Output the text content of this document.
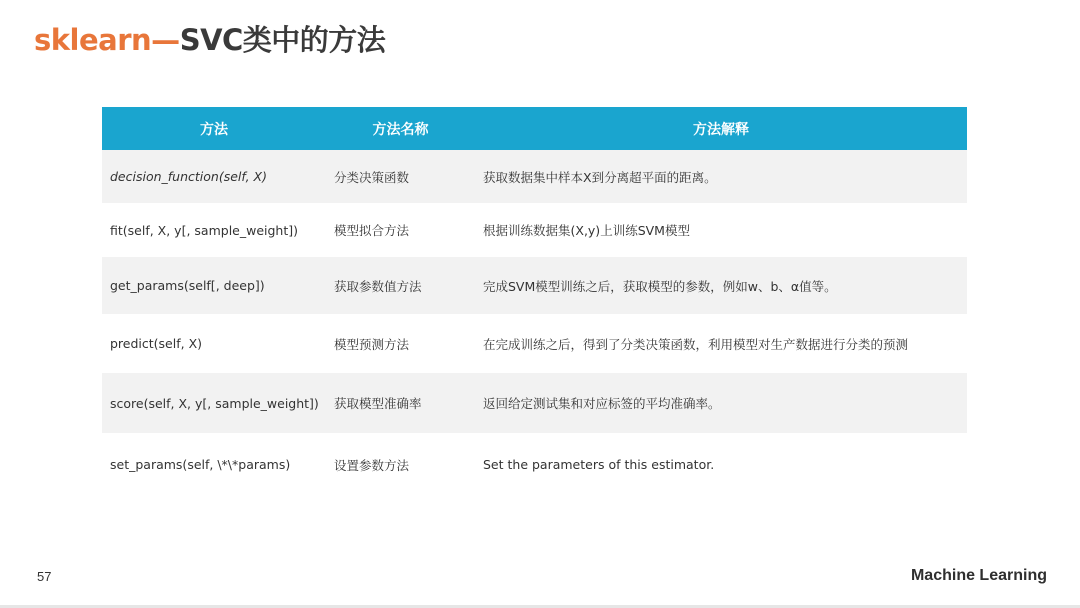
sklearn—SVC类中的方法
方法	方法名称	方法解释
decision_function(self, X)	分类决策函数	获取数据集中样本X到分离超平面的距离。
fit(self, X, y[, sample_weight])	模型拟合方法	根据训练数据集(X,y)上训练SVM模型
get_params(self[, deep])	获取参数值方法	完成SVM模型训练之后，获取模型的参数，例如w、b、α值等。
predict(self, X)	模型预测方法	在完成训练之后，得到了分类决策函数，利用模型对生产数据进行分类的预测
score(self, X, y[, sample_weight])	获取模型准确率	返回给定测试集和对应标签的平均准确率。
set_params(self, \*\*params)	设置参数方法	Set the parameters of this estimator.
57	Machine Learning
